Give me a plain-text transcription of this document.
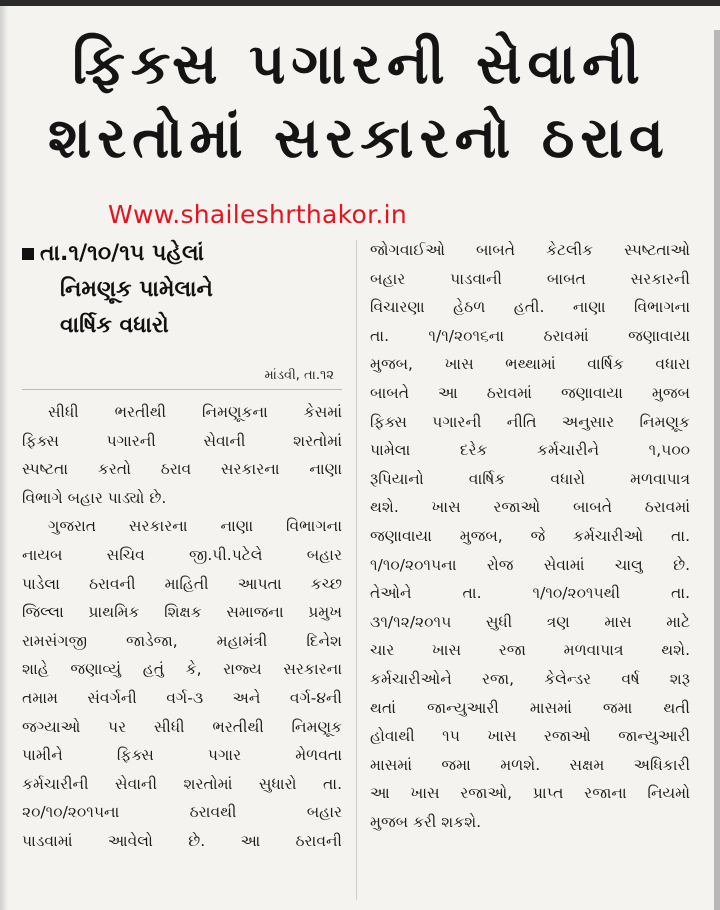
ફિક્સ પગારની સેવાની
શરતોમાં સરકારનો ઠરાવ
Www.shaileshrthakor.in
તા.૧/૧૦/૧૫ પહેલાં
નિમણૂક પામેલાને
વાર્ષિક વધારો
માંડવી, તા.૧૨

સીધી ભરતીથી નિમણૂકના કેસમાં
ફિક્સ પગારની સેવાની શરતોમાં
સ્પષ્ટતા કરતો ઠરાવ સરકારના નાણા
વિભાગે બહાર પાડ્યો છે.

ગુજરાત સરકારના નાણા વિભાગના
નાયબ સચિવ જી.પી.પટેલે બહાર
પાડેલા ઠરાવની માહિતી આપતા કચ્છ
જિલ્લા પ્રાથમિક શિક્ષક સમાજના પ્રમુખ
રામસંગજી જાડેજા, મહામંત્રી દિનેશ
શાહે જણાવ્યું હતું કે, રાજ્ય સરકારના
તમામ સંવર્ગની વર્ગ-૩ અને વર્ગ-૪ની
જગ્યાઓ પર સીધી ભરતીથી નિમણૂક
પામીને ફિક્સ પગાર મેળવતા
કર્મચારીની સેવાની શરતોમાં સુધારો તા.
૨૦/૧૦/૨૦૧૫ના ઠરાવથી બહાર
પાડવામાં આવેલો છે. આ ઠરાવની

જોગવાઈઓ બાબતે કેટલીક સ્પષ્ટતાઓ
બહાર પાડવાની બાબત સરકારની
વિચારણા હેઠળ હતી. નાણા વિભાગના
તા. ૧/૧/૨૦૧૬ના ઠરાવમાં જણાવાયા
મુજબ, ખાસ ભથ્થામાં વાર્ષિક વધારા
બાબતે આ ઠરાવમાં જણાવાયા મુજબ
ફિક્સ પગારની નીતિ અનુસાર નિમણૂક
પામેલા દરેક કર્મચારીને ૧,૫૦૦
રૂપિયાનો વાર્ષિક વધારો મળવાપાત્ર
થશે. ખાસ રજાઓ બાબતે ઠરાવમાં
જણાવાયા મુજબ, જે કર્મચારીઓ તા.
૧/૧૦/૨૦૧૫ના રોજ સેવામાં ચાલુ છે.
તેઓને તા. ૧/૧૦/૨૦૧૫થી તા.
૩૧/૧૨/૨૦૧૫ સુધી ત્રણ માસ માટે
ચાર ખાસ રજા મળવાપાત્ર થશે.
કર્મચારીઓને રજા, કેલેન્ડર વર્ષ શરૂ
થતાં જાન્યુઆરી માસમાં જમા થતી
હોવાથી ૧૫ ખાસ રજાઓ જાન્યુઆરી
માસમાં જમા મળશે. સક્ષમ અધિકારી
આ ખાસ રજાઓ, પ્રાપ્ત રજાના નિયમો
મુજબ કરી શકશે.
